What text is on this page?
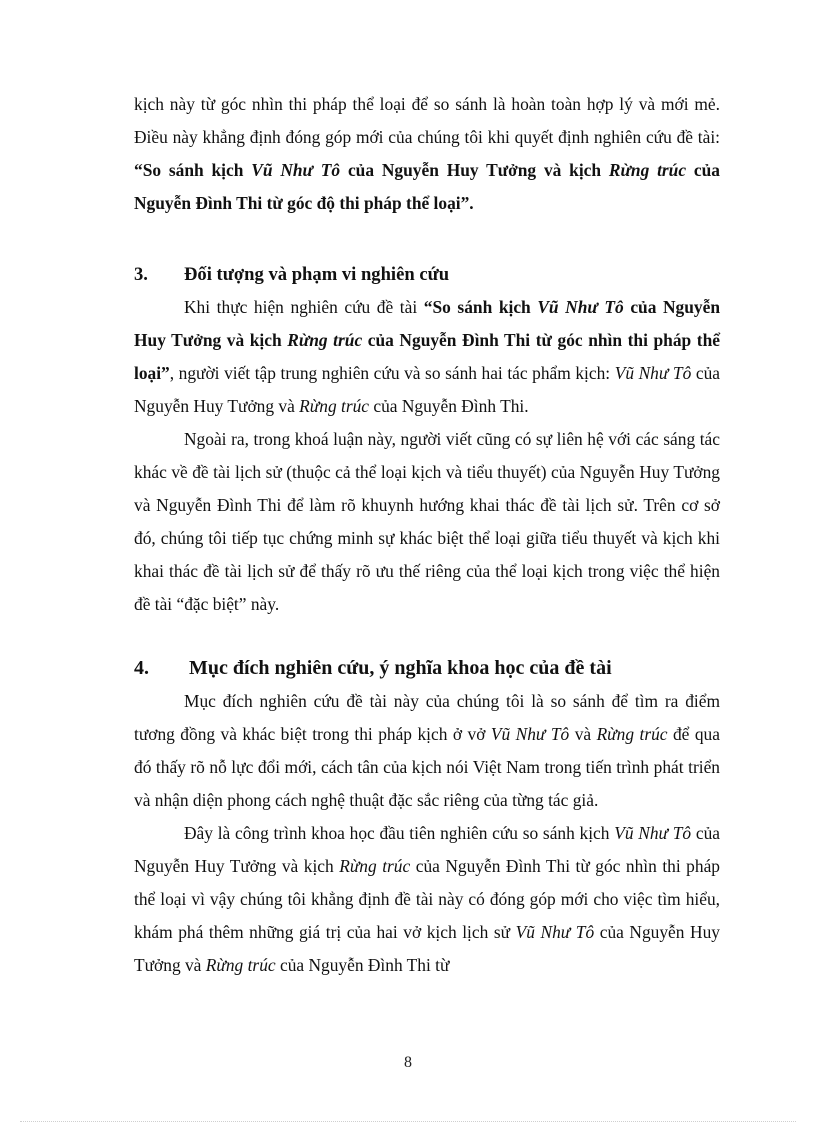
kịch này từ góc nhìn thi pháp thể loại để so sánh là hoàn toàn hợp lý và mới mẻ. Điều này khẳng định đóng góp mới của chúng tôi khi quyết định nghiên cứu đề tài: “So sánh kịch Vũ Như Tô của Nguyễn Huy Tưởng và kịch Rừng trúc của Nguyễn Đình Thi từ góc độ thi pháp thể loại”.

3.	Đối tượng và phạm vi nghiên cứu

Khi thực hiện nghiên cứu đề tài “So sánh kịch Vũ Như Tô của Nguyễn Huy Tưởng và kịch Rừng trúc của Nguyễn Đình Thi từ góc nhìn thi pháp thể loại”, người viết tập trung nghiên cứu và so sánh hai tác phẩm kịch: Vũ Như Tô của Nguyễn Huy Tưởng và Rừng trúc của Nguyễn Đình Thi.

Ngoài ra, trong khoá luận này, người viết cũng có sự liên hệ với các sáng tác khác về đề tài lịch sử (thuộc cả thể loại kịch và tiểu thuyết) của Nguyễn Huy Tưởng và Nguyễn Đình Thi để làm rõ khuynh hướng khai thác đề tài lịch sử. Trên cơ sở đó, chúng tôi tiếp tục chứng minh sự khác biệt thể loại giữa tiểu thuyết và kịch khi khai thác đề tài lịch sử để thấy rõ ưu thế riêng của thể loại kịch trong việc thể hiện đề tài “đặc biệt” này.

4.	Mục đích nghiên cứu, ý nghĩa khoa học của đề tài

Mục đích nghiên cứu đề tài này của chúng tôi là so sánh để tìm ra điểm tương đồng và khác biệt trong thi pháp kịch ở vở Vũ Như Tô và Rừng trúc để qua đó thấy rõ nỗ lực đổi mới, cách tân của kịch nói Việt Nam trong tiến trình phát triển và nhận diện phong cách nghệ thuật đặc sắc riêng của từng tác giả.

Đây là công trình khoa học đầu tiên nghiên cứu so sánh kịch Vũ Như Tô của Nguyễn Huy Tưởng và kịch Rừng trúc của Nguyễn Đình Thi từ góc nhìn thi pháp thể loại vì vậy chúng tôi khẳng định đề tài này có đóng góp mới cho việc tìm hiểu, khám phá thêm những giá trị của hai vở kịch lịch sử Vũ Như Tô của Nguyễn Huy Tưởng và Rừng trúc của Nguyễn Đình Thi từ

8
